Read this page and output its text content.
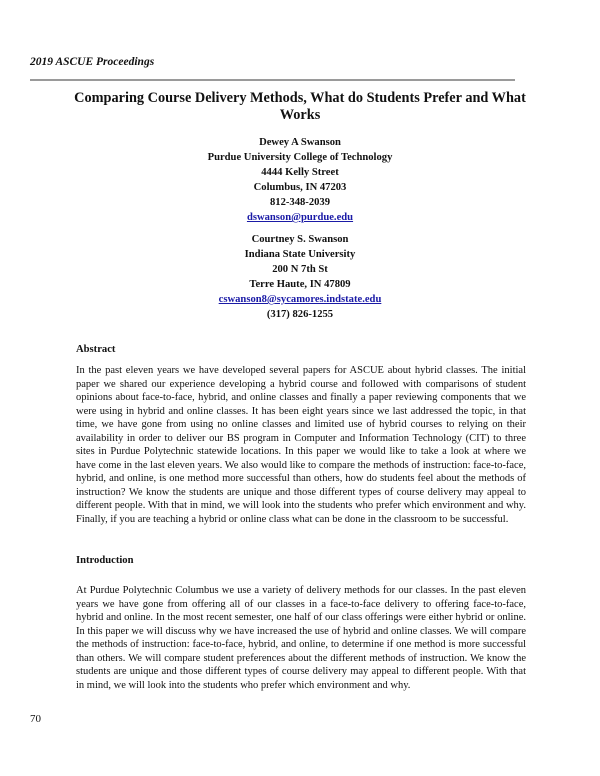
2019 ASCUE Proceedings
Comparing Course Delivery Methods, What do Students Prefer and What Works
Dewey A Swanson
Purdue University College of Technology
4444 Kelly Street
Columbus, IN 47203
812-348-2039
dswanson@purdue.edu
Courtney S. Swanson
Indiana State University
200 N 7th St
Terre Haute, IN 47809
cswanson8@sycamores.indstate.edu
(317) 826-1255
Abstract

In the past eleven years we have developed several papers for ASCUE about hybrid classes. The initial paper we shared our experience developing a hybrid course and followed with comparisons of student opinions about face-to-face, hybrid, and online classes and finally a paper reviewing components that we were using in hybrid and online classes. It has been eight years since we last addressed the topic, in that time, we have gone from using no online classes and limited use of hybrid courses to relying on their availability in order to deliver our BS program in Computer and Information Technology (CIT) to three sites in Purdue Polytechnic statewide locations. In this paper we would like to take a look at where we have come in the last eleven years. We also would like to compare the methods of instruction: face-to-face, hybrid, and online, is one method more successful than others, how do students feel about the methods of instruction? We know the students are unique and those different types of course delivery may appeal to different people. With that in mind, we will look into the students who prefer which environment and why. Finally, if you are teaching a hybrid or online class what can be done in the classroom to be successful.

Introduction

At Purdue Polytechnic Columbus we use a variety of delivery methods for our classes. In the past eleven years we have gone from offering all of our classes in a face-to-face delivery to offering face-to-face, hybrid and online. In the most recent semester, one half of our class offerings were either hybrid or online. In this paper we will discuss why we have increased the use of hybrid and online classes. We will compare the methods of instruction: face-to-face, hybrid, and online, to determine if one method is more successful than others. We will compare student preferences about the different methods of instruction. We know the students are unique and those different types of course delivery may appeal to different people. With that in mind, we will look into the students who prefer which environment and why.

70
